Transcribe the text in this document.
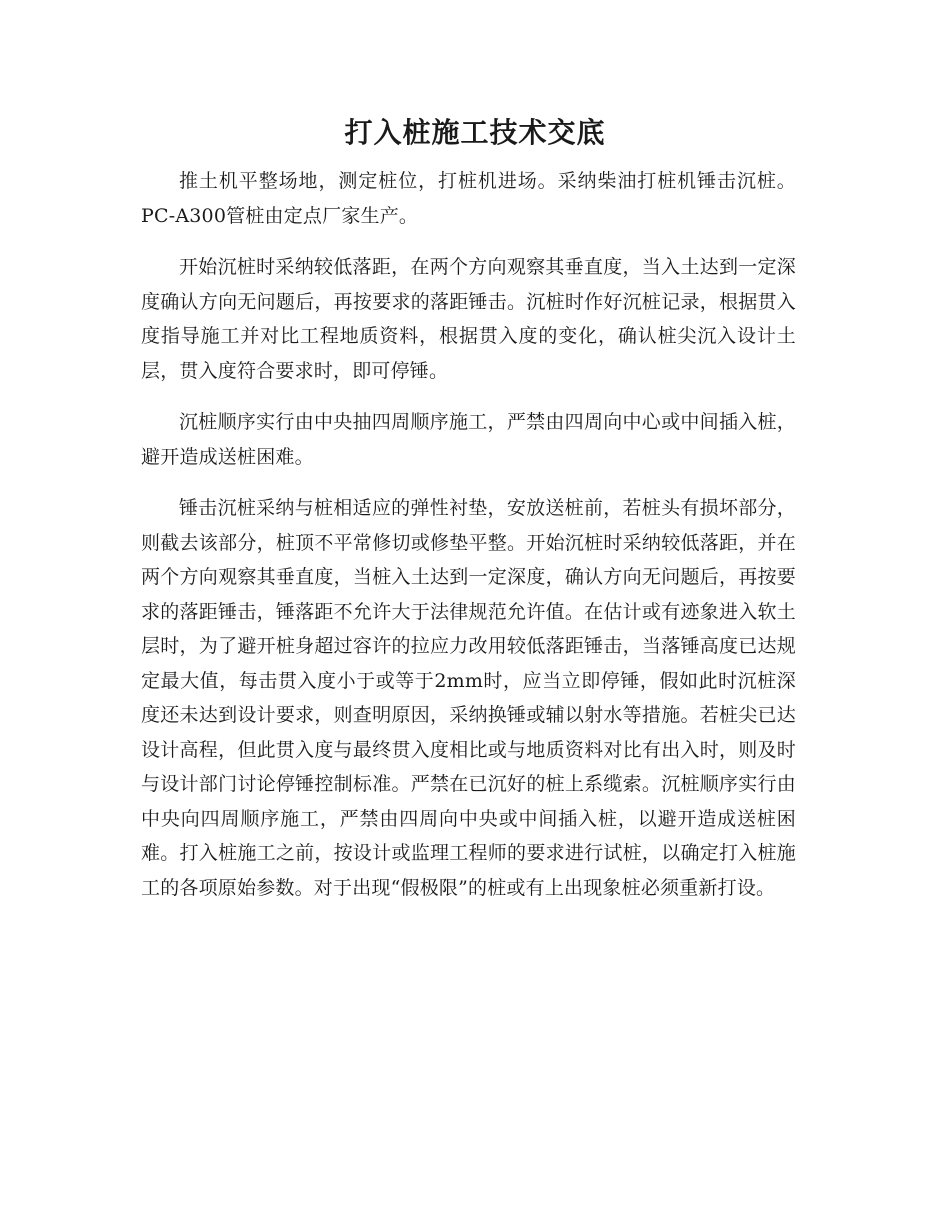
打入桩施工技术交底

推土机平整场地，测定桩位，打桩机进场。采纳柴油打桩机锤击沉桩。PC-A300管桩由定点厂家生产。

开始沉桩时采纳较低落距，在两个方向观察其垂直度，当入土达到一定深度确认方向无问题后，再按要求的落距锤击。沉桩时作好沉桩记录，根据贯入度指导施工并对比工程地质资料，根据贯入度的变化，确认桩尖沉入设计土层，贯入度符合要求时，即可停锤。

沉桩顺序实行由中央抽四周顺序施工，严禁由四周向中心或中间插入桩，避开造成送桩困难。

锤击沉桩采纳与桩相适应的弹性衬垫，安放送桩前，若桩头有损坏部分，则截去该部分，桩顶不平常修切或修垫平整。开始沉桩时采纳较低落距，并在两个方向观察其垂直度，当桩入土达到一定深度，确认方向无问题后，再按要求的落距锤击，锤落距不允许大于法律规范允许值。在估计或有迹象进入软土层时，为了避开桩身超过容许的拉应力改用较低落距锤击，当落锤高度已达规定最大值，每击贯入度小于或等于2mm时，应当立即停锤，假如此时沉桩深度还未达到设计要求，则查明原因，采纳换锤或辅以射水等措施。若桩尖已达设计高程，但此贯入度与最终贯入度相比或与地质资料对比有出入时，则及时与设计部门讨论停锤控制标准。严禁在已沉好的桩上系缆索。沉桩顺序实行由中央向四周顺序施工，严禁由四周向中央或中间插入桩，以避开造成送桩困难。打入桩施工之前，按设计或监理工程师的要求进行试桩，以确定打入桩施工的各项原始参数。对于出现“假极限”的桩或有上出现象桩必须重新打设。
